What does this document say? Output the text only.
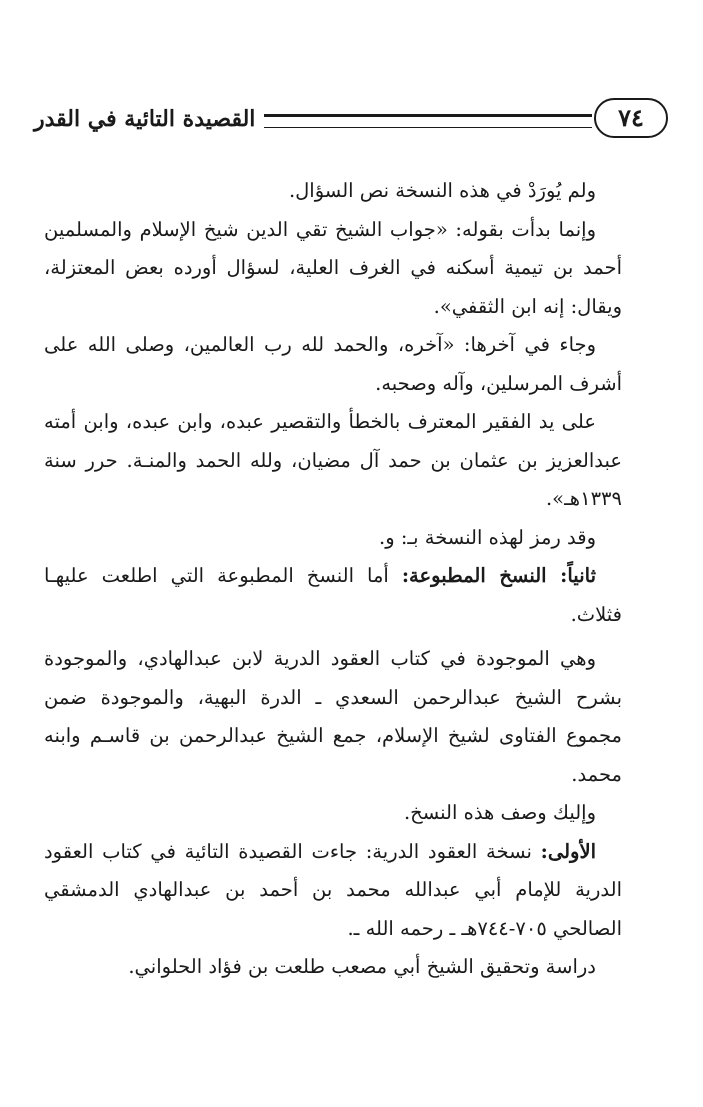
القصيدة التائية في القدر	٧٤

ولم يُورَدْ في هذه النسخة نص السؤال.

وإنما بدأت بقوله: «جواب الشيخ تقي الدين شيخ الإسلام والمسلمين أحمد بن تيمية أسكنه في الغرف العلية، لسؤال أورده بعض المعتزلة، ويقال: إنه ابن الثقفي».

وجاء في آخرها: «آخره، والحمد لله رب العالمين، وصلى الله على أشرف المرسلين، وآله وصحبه.

على يد الفقير المعترف بالخطأ والتقصير عبده، وابن عبده، وابن أمته عبدالعزيز بن عثمان بن حمد آل مضيان، ولله الحمد والمنـة. حرر سنة ١٣٣٩هـ».

وقد رمز لهذه النسخة بـ: و.

ثانياً: النسخ المطبوعة: أما النسخ المطبوعة التي اطلعت عليهـا فثلاث.

وهي الموجودة في كتاب العقود الدرية لابن عبدالهادي، والموجودة بشرح الشيخ عبدالرحمن السعدي ـ الدرة البهية، والموجودة ضمن مجموع الفتاوى لشيخ الإسلام، جمع الشيخ عبدالرحمن بن قاسـم وابنه محمد.

وإليك وصف هذه النسخ.

الأولى: نسخة العقود الدرية: جاءت القصيدة التائية في كتاب العقود الدرية للإمام أبي عبدالله محمد بن أحمد بن عبدالهادي الدمشقي الصالحي ٧٠٥-٧٤٤هـ ـ رحمه الله ـ.

دراسة وتحقيق الشيخ أبي مصعب طلعت بن فؤاد الحلواني.
